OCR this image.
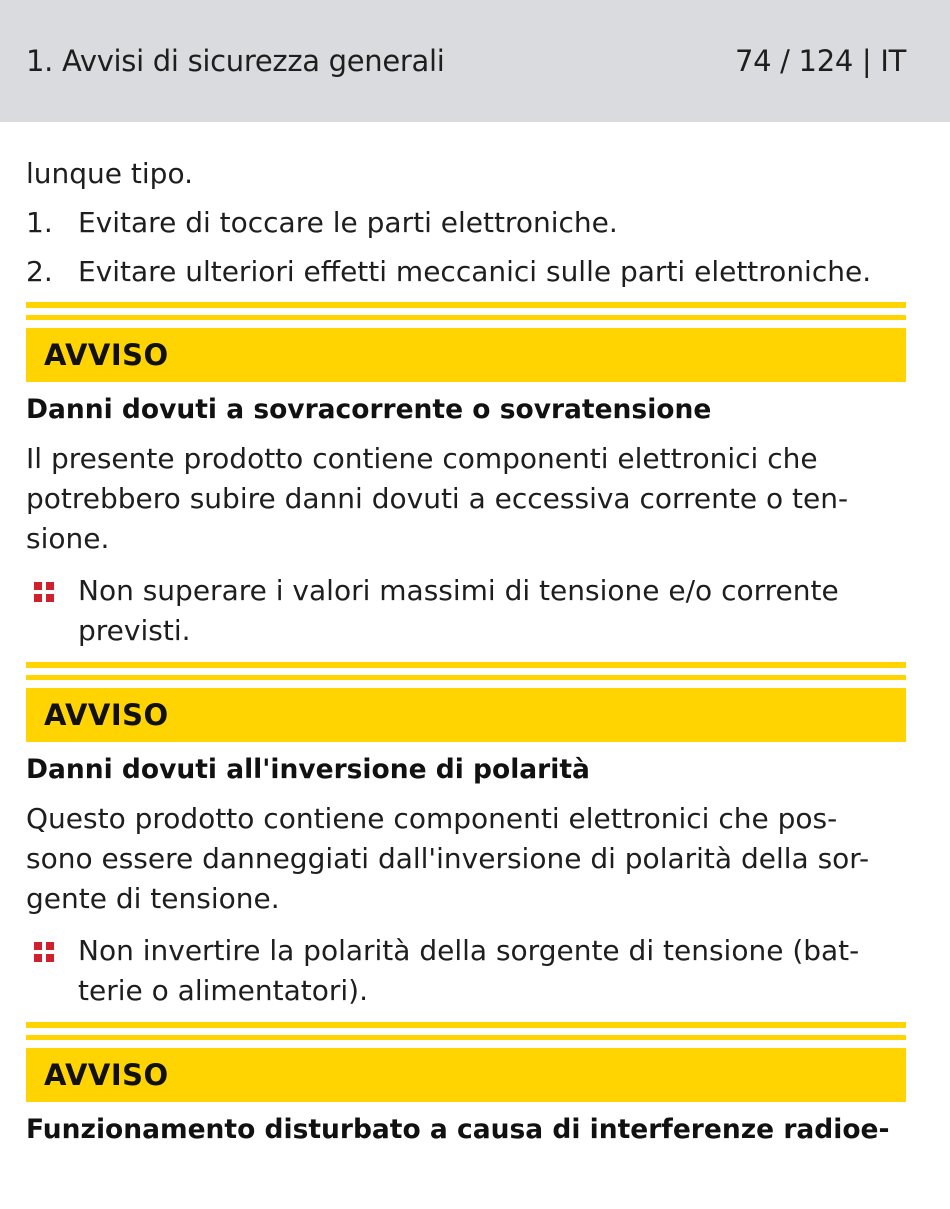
1. Avvisi di sicurezza generali	74 / 124 | IT
lunque tipo.
1. Evitare di toccare le parti elettroniche.
2. Evitare ulteriori effetti meccanici sulle parti elettroniche.
AVVISO
Danni dovuti a sovracorrente o sovratensione
Il presente prodotto contiene componenti elettronici che
potrebbero subire danni dovuti a eccessiva corrente o ten-
sione.
Non superare i valori massimi di tensione e/o corrente
previsti.
AVVISO
Danni dovuti all'inversione di polarità
Questo prodotto contiene componenti elettronici che pos-
sono essere danneggiati dall'inversione di polarità della sor-
gente di tensione.
Non invertire la polarità della sorgente di tensione (bat-
terie o alimentatori).
AVVISO
Funzionamento disturbato a causa di interferenze radioe-
